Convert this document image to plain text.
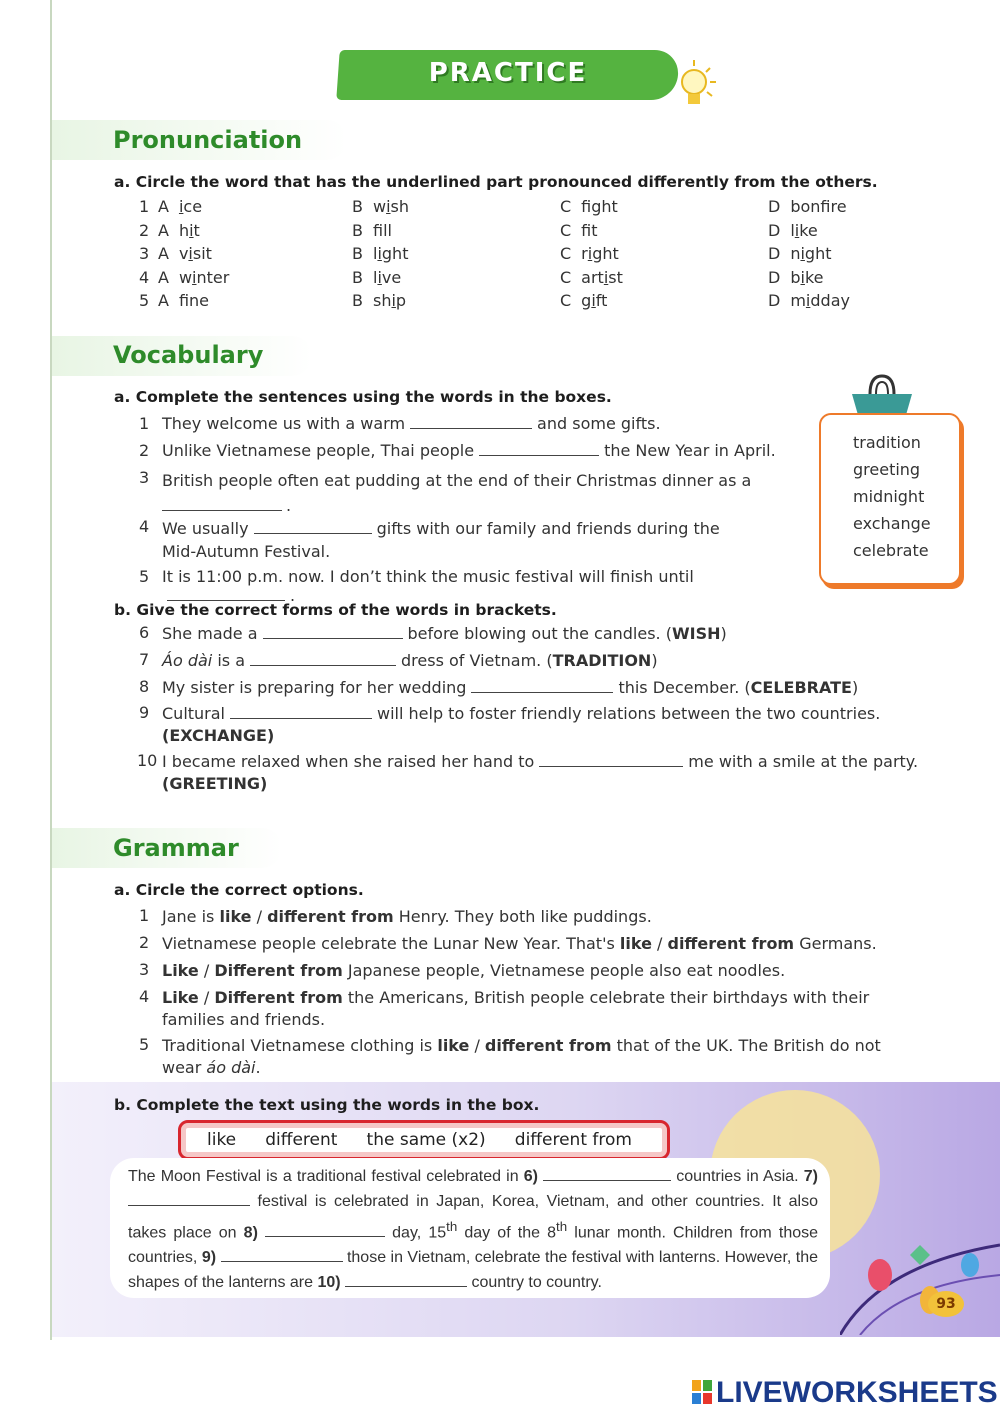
PRACTICE
Pronunciation
a. Circle the word that has the underlined part pronounced differently from the others.
1 A ice	B wish	C fght	D bonfre
2 A hit	B fll	C ft	D like
3 A visit	B light	C right	D night
4 A winter	B live	C artist	D bike
5 A fne	B ship	C gift	D midday
Vocabulary
a. Complete the sentences using the words in the boxes.
1 They welcome us with a warm	and some gifts.
2 Unlike Vietnamese people, Thai people	the New Year in April.
3 British people often eat pudding at the end of their Christmas dinner as a
.
4 We usually	gifts with our family and friends during the
Mid-Autumn Festival.
5 It is 11:00 p.m. now. I don’t think the music festival will finish until.
tradition
greeting
midnight
exchange
celebrate
b. Give the correct forms of the words in brackets.
6 She made a	before blowing out the candles. (WISH)
7 Áo dài is a	dress of Vietnam. (TRADITION)
8 My sister is preparing for her wedding	this December. (CELEBRATE)
9 Cultural	will help to foster friendly relations between the two countries.
(EXCHANGE)
10 I became relaxed when she raised her hand to	me with a smile at the party.
(GREETING)
Grammar
a. Circle the correct options.
1 Jane is like / different from Henry. They both like puddings.
2 Vietnamese people celebrate the Lunar New Year. That's like / different from Germans.
3 Like / Different from Japanese people, Vietnamese people also eat noodles.
4 Like / Different from the Americans, British people celebrate their birthdays with their
families and friends.
5 Traditional Vietnamese clothing is like / different from that of the UK. The British do not
wear áo dài.
b. Complete the text using the words in the box.
like different the same (x2) different from
The Moon Festival is a traditional festival celebrated in 6)	countries in Asia. 7)  festival is celebrated in Japan, Korea, Vietnam, and other countries. It also takes place on 8)	day, 15th day of the 8th lunar month. Children from those countries, 9)	those in Vietnam, celebrate the festival with lanterns. However, the shapes of the lanterns are 10)	country to country.
93
LIVEWORKSHEETS
